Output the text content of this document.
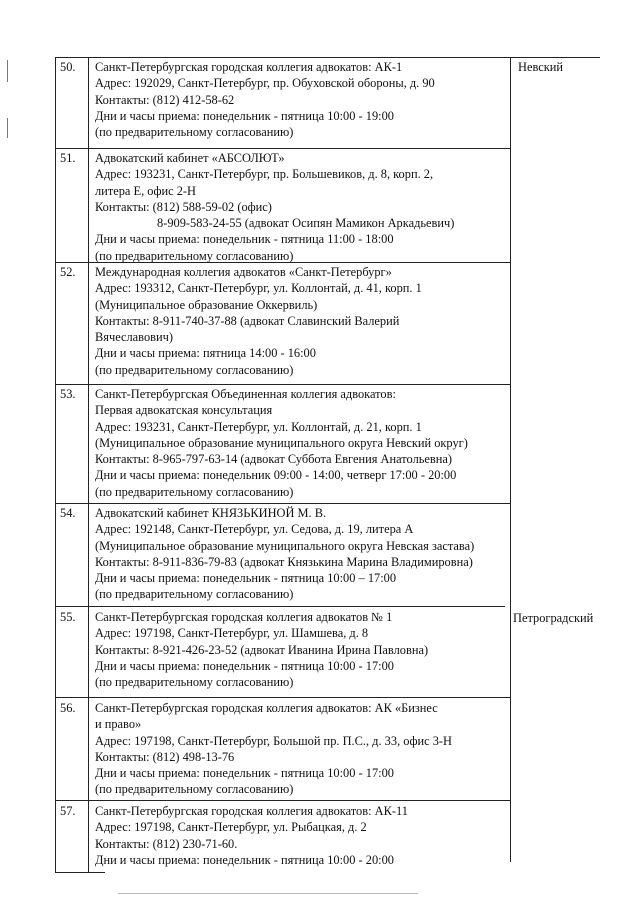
50. Санкт-Петербургская городская коллегия адвокатов: АК-1
Адрес: 192029, Санкт-Петербург, пр. Обуховской обороны, д. 90
Контакты: (812) 412-58-62
Дни и часы приема: понедельник - пятница 10:00 - 19:00
(по предварительному согласованию)
Невский
51. Адвокатский кабинет «АБСОЛЮТ»
Адрес: 193231, Санкт-Петербург, пр. Большевиков, д. 8, корп. 2,
литера Е, офис 2-Н
Контакты: (812) 588-59-02 (офис)
8-909-583-24-55 (адвокат Осипян Мамикон Аркадьевич)
Дни и часы приема: понедельник - пятница 11:00 - 18:00
(по предварительному согласованию)
52. Международная коллегия адвокатов «Санкт-Петербург»
Адрес: 193312, Санкт-Петербург, ул. Коллонтай, д. 41, корп. 1
(Муниципальное образование Оккервиль)
Контакты: 8-911-740-37-88 (адвокат Славинский Валерий
Вячеславович)
Дни и часы приема: пятница 14:00 - 16:00
(по предварительному согласованию)
53. Санкт-Петербургская Объединенная коллегия адвокатов:
Первая адвокатская консультация
Адрес: 193231, Санкт-Петербург, ул. Коллонтай, д. 21, корп. 1
(Муниципальное образование муниципального округа Невский округ)
Контакты: 8-965-797-63-14 (адвокат Суббота Евгения Анатольевна)
Дни и часы приема: понедельник 09:00 - 14:00, четверг 17:00 - 20:00
(по предварительному согласованию)
54. Адвокатский кабинет КНЯЗЬКИНОЙ М. В.
Адрес: 192148, Санкт-Петербург, ул. Седова, д. 19, литера А
(Муниципальное образование муниципального округа Невская застава)
Контакты: 8-911-836-79-83 (адвокат Князькина Марина Владимировна)
Дни и часы приема: понедельник - пятница 10:00 – 17:00
(по предварительному согласованию)
55. Санкт-Петербургская городская коллегия адвокатов № 1
Адрес: 197198, Санкт-Петербург, ул. Шамшева, д. 8
Контакты: 8-921-426-23-52 (адвокат Иванина Ирина Павловна)
Дни и часы приема: понедельник - пятница 10:00 - 17:00
(по предварительному согласованию)
Петроградский
56. Санкт-Петербургская городская коллегия адвокатов: АК «Бизнес
и право»
Адрес: 197198, Санкт-Петербург, Большой пр. П.С., д. 33, офис 3-Н
Контакты: (812) 498-13-76
Дни и часы приема: понедельник - пятница 10:00 - 17:00
(по предварительному согласованию)
57. Санкт-Петербургская городская коллегия адвокатов: АК-11
Адрес: 197198, Санкт-Петербург, ул. Рыбацкая, д. 2
Контакты: (812) 230-71-60.
Дни и часы приема: понедельник - пятница 10:00 - 20:00
